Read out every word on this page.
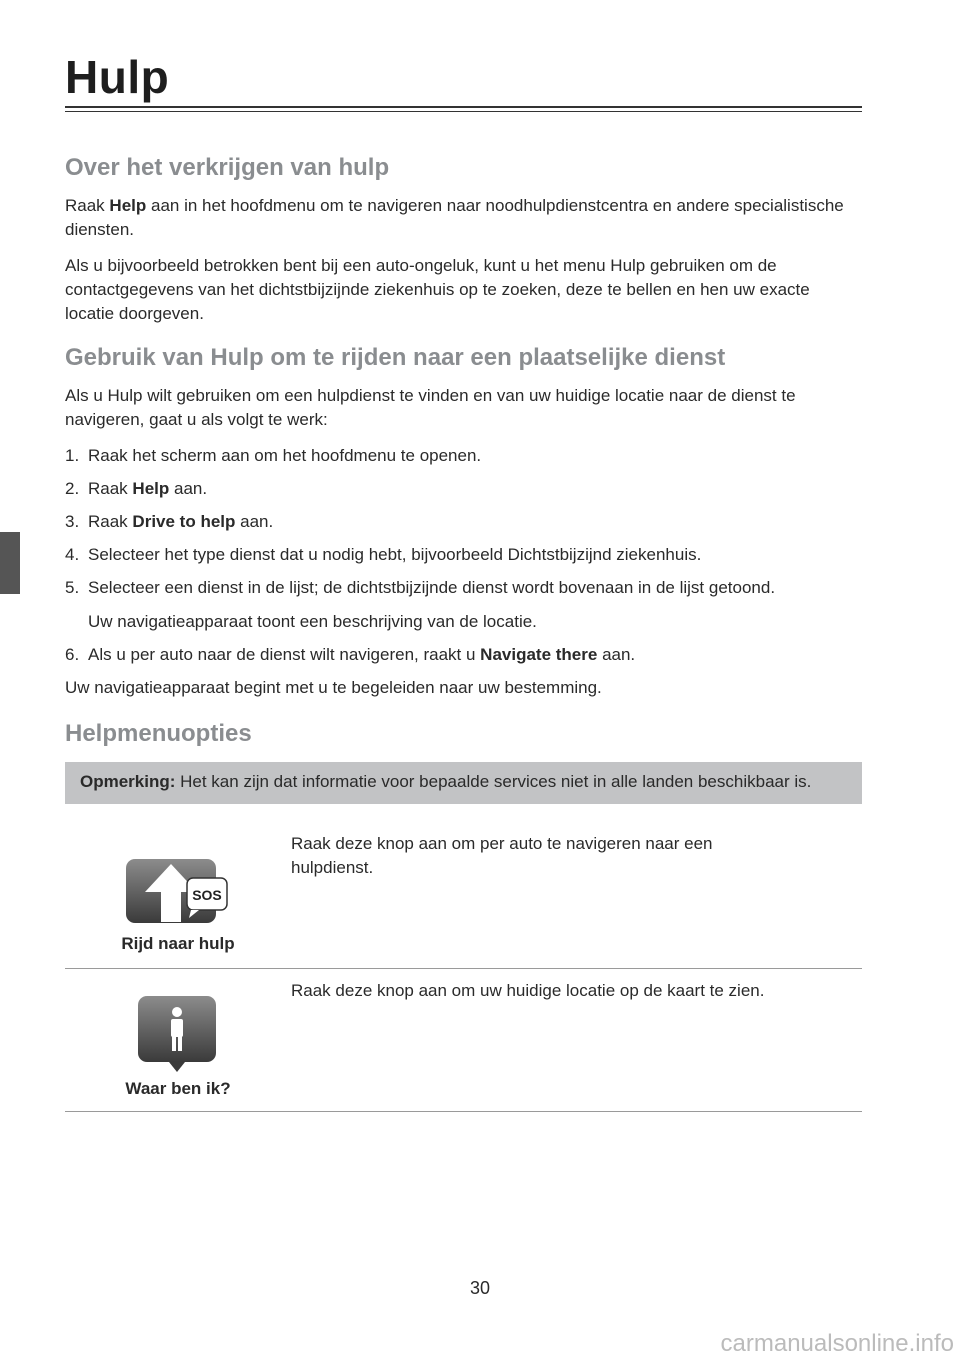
Hulp
Over het verkrijgen van hulp

Raak Help aan in het hoofdmenu om te navigeren naar noodhulpdienstcentra en andere specialistische diensten.

Als u bijvoorbeeld betrokken bent bij een auto-ongeluk, kunt u het menu Hulp gebruiken om de contactgegevens van het dichtstbijzijnde ziekenhuis op te zoeken, deze te bellen en hen uw exacte locatie doorgeven.

Gebruik van Hulp om te rijden naar een plaatselijke dienst

Als u Hulp wilt gebruiken om een hulpdienst te vinden en van uw huidige locatie naar de dienst te navigeren, gaat u als volgt te werk:

1. Raak het scherm aan om het hoofdmenu te openen.
2. Raak Help aan.
3. Raak Drive to help aan.
4. Selecteer het type dienst dat u nodig hebt, bijvoorbeeld Dichtstbijzijnd ziekenhuis.
5. Selecteer een dienst in de lijst; de dichtstbijzijnde dienst wordt bovenaan in de lijst getoond.
Uw navigatieapparaat toont een beschrijving van de locatie.
6. Als u per auto naar de dienst wilt navigeren, raakt u Navigate there aan.

Uw navigatieapparaat begint met u te begeleiden naar uw bestemming.

Helpmenuopties
Opmerking: Het kan zijn dat informatie voor bepaalde services niet in alle landen beschikbaar is.
SOS
Rijd naar hulp
Raak deze knop aan om per auto te navigeren naar een hulpdienst.
Waar ben ik?
Raak deze knop aan om uw huidige locatie op de kaart te zien.
30
carmanualsonline.info
